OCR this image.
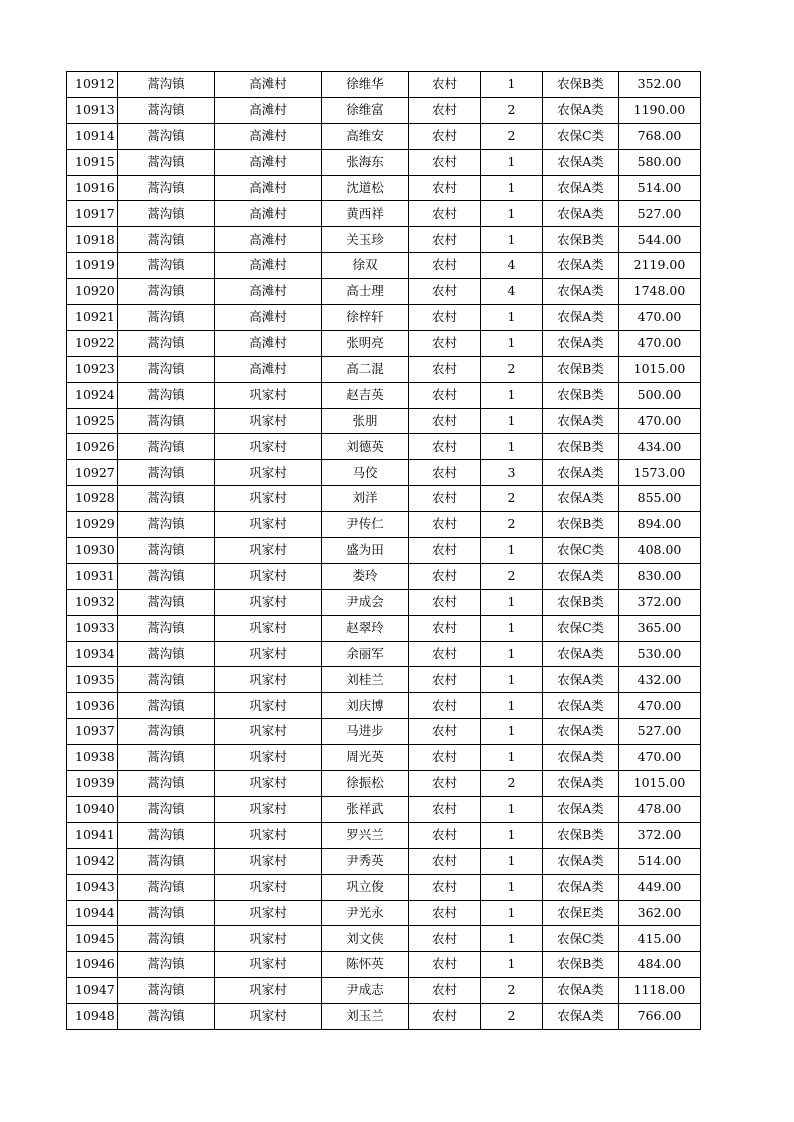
10912	蒿沟镇	高滩村	徐维华	农村	1	农保B类	352.00
10913	蒿沟镇	高滩村	徐维富	农村	2	农保A类	1190.00
10914	蒿沟镇	高滩村	高维安	农村	2	农保C类	768.00
10915	蒿沟镇	高滩村	张海东	农村	1	农保A类	580.00
10916	蒿沟镇	高滩村	沈道松	农村	1	农保A类	514.00
10917	蒿沟镇	高滩村	黄西祥	农村	1	农保A类	527.00
10918	蒿沟镇	高滩村	关玉珍	农村	1	农保B类	544.00
10919	蒿沟镇	高滩村	徐双	农村	4	农保A类	2119.00
10920	蒿沟镇	高滩村	高士理	农村	4	农保A类	1748.00
10921	蒿沟镇	高滩村	徐梓轩	农村	1	农保A类	470.00
10922	蒿沟镇	高滩村	张明亮	农村	1	农保A类	470.00
10923	蒿沟镇	高滩村	高二混	农村	2	农保B类	1015.00
10924	蒿沟镇	巩家村	赵吉英	农村	1	农保B类	500.00
10925	蒿沟镇	巩家村	张朋	农村	1	农保A类	470.00
10926	蒿沟镇	巩家村	刘德英	农村	1	农保B类	434.00
10927	蒿沟镇	巩家村	马佼	农村	3	农保A类	1573.00
10928	蒿沟镇	巩家村	刘洋	农村	2	农保A类	855.00
10929	蒿沟镇	巩家村	尹传仁	农村	2	农保B类	894.00
10930	蒿沟镇	巩家村	盛为田	农村	1	农保C类	408.00
10931	蒿沟镇	巩家村	娄玲	农村	2	农保A类	830.00
10932	蒿沟镇	巩家村	尹成会	农村	1	农保B类	372.00
10933	蒿沟镇	巩家村	赵翠玲	农村	1	农保C类	365.00
10934	蒿沟镇	巩家村	余丽军	农村	1	农保A类	530.00
10935	蒿沟镇	巩家村	刘桂兰	农村	1	农保A类	432.00
10936	蒿沟镇	巩家村	刘庆博	农村	1	农保A类	470.00
10937	蒿沟镇	巩家村	马进步	农村	1	农保A类	527.00
10938	蒿沟镇	巩家村	周光英	农村	1	农保A类	470.00
10939	蒿沟镇	巩家村	徐振松	农村	2	农保A类	1015.00
10940	蒿沟镇	巩家村	张祥武	农村	1	农保A类	478.00
10941	蒿沟镇	巩家村	罗兴兰	农村	1	农保B类	372.00
10942	蒿沟镇	巩家村	尹秀英	农村	1	农保A类	514.00
10943	蒿沟镇	巩家村	巩立俊	农村	1	农保A类	449.00
10944	蒿沟镇	巩家村	尹光永	农村	1	农保E类	362.00
10945	蒿沟镇	巩家村	刘文侠	农村	1	农保C类	415.00
10946	蒿沟镇	巩家村	陈怀英	农村	1	农保B类	484.00
10947	蒿沟镇	巩家村	尹成志	农村	2	农保A类	1118.00
10948	蒿沟镇	巩家村	刘玉兰	农村	2	农保A类	766.00
